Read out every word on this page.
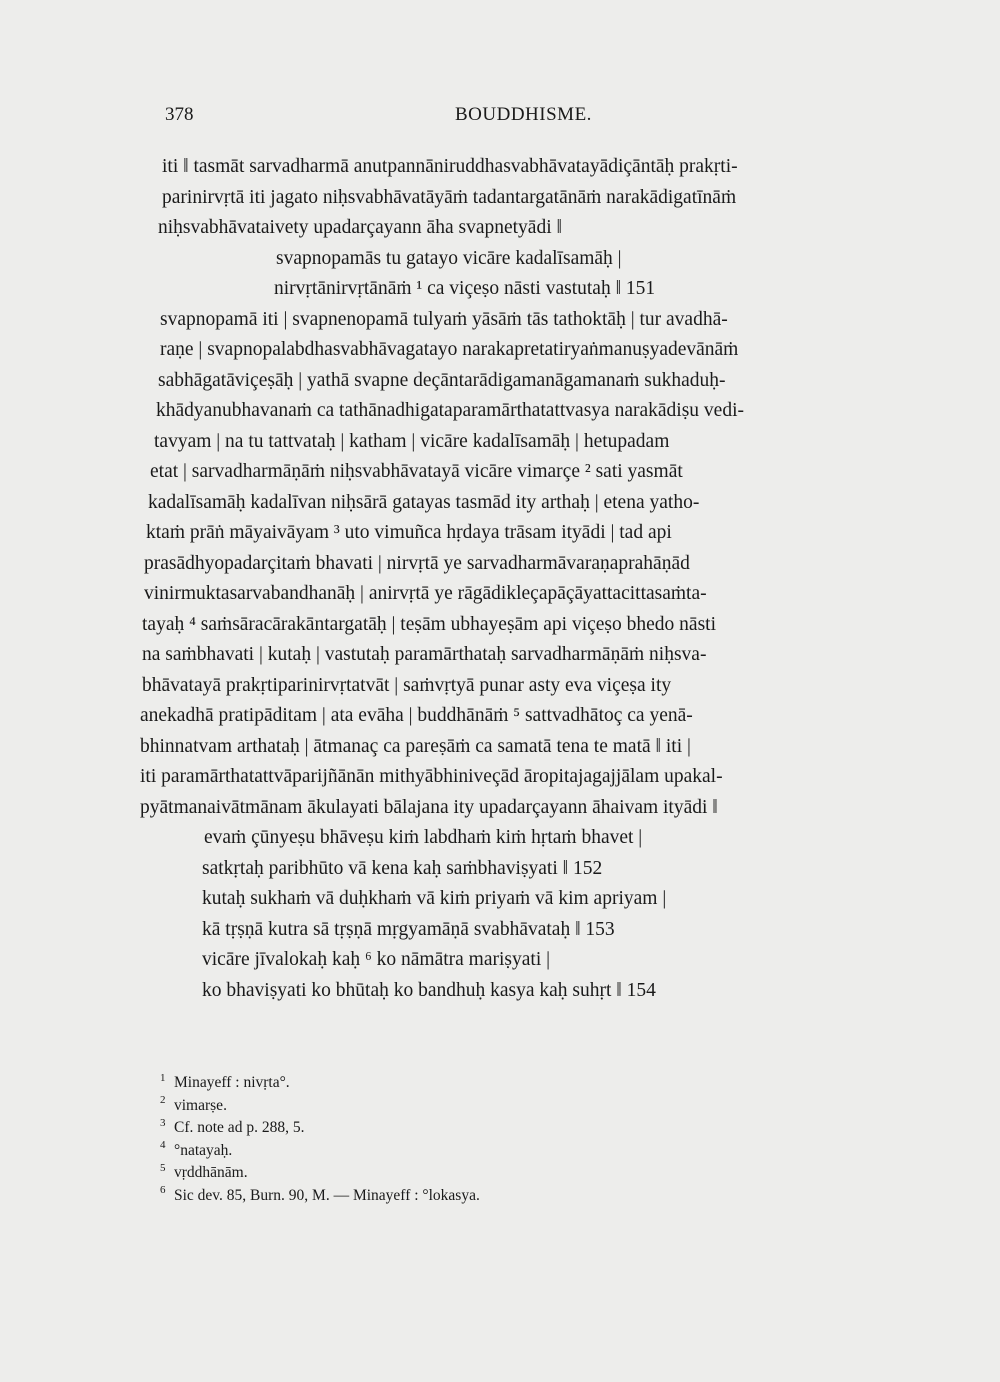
378	BOUDDHISME.
iti ‖ tasmāt sarvadharmā anutpannāniruddhasvabhāvatayādiçāntāḥ prakṛti-
parinirvṛtā iti jagato niḥsvabhāvatāyāṁ tadantargatānāṁ narakādigatīnāṁ
niḥsvabhāvataivety upadarçayann āha svapnetyādi ‖
svapnopamās tu gatayo vicāre kadalīsamāḥ |
nirvṛtānirvṛtānāṁ ¹ ca viçeṣo nāsti vastutaḥ ‖ 151
svapnopamā iti | svapnenopamā tulyaṁ yāsāṁ tās tathoktāḥ | tur avadhā-
raṇe | svapnopalabdhasvabhāvagatayo narakapretatiryaṅmanuṣyadevānāṁ
sabhāgatāviçeṣāḥ | yathā svapne deçāntarādigamanāgamanaṁ sukhaduḥ-
khādyanubhavanaṁ ca tathānadhigataparamārthatattvasya narakādiṣu vedi-
tavyam | na tu tattvataḥ | katham | vicāre kadalīsamāḥ | hetupadam
etat | sarvadharmāṇāṁ niḥsvabhāvatayā vicāre vimarçe ² sati yasmāt
kadalīsamāḥ kadalīvan niḥsārā gatayas tasmād ity arthaḥ | etena yatho-
ktaṁ prāṅ māyaivāyam ³ uto vimuñca hṛdaya trāsam ityādi | tad api
prasādhyopadarçitaṁ bhavati | nirvṛtā ye sarvadharmāvaraṇaprahāṇād
vinirmuktasarvabandhanāḥ | anirvṛtā ye rāgādikleçapāçāyattacittasaṁta-
tayaḥ ⁴ saṁsāracārakāntargatāḥ | teṣām ubhayeṣām api viçeṣo bhedo nāsti
na saṁbhavati | kutaḥ | vastutaḥ paramārthataḥ sarvadharmāṇāṁ niḥsva-
bhāvatayā prakṛtiparinirvṛtatvāt | saṁvṛtyā punar asty eva viçeṣa ity
anekadhā pratipāditam | ata evāha | buddhānāṁ ⁵ sattvadhātoç ca yenā-
bhinnatvam arthataḥ | ātmanaç ca pareṣāṁ ca samatā tena te matā ‖ iti |
iti paramārthatattvāparijñānān mithyābhiniveçād āropitajagajjālam upakal-
pyātmanaivātmānam ākulayati bālajana ity upadarçayann āhaivam ityādi ‖
evaṁ çūnyeṣu bhāveṣu kiṁ labdhaṁ kiṁ hṛtaṁ bhavet |
satkṛtaḥ paribhūto vā kena kaḥ saṁbhaviṣyati ‖ 152
kutaḥ sukhaṁ vā duḥkhaṁ vā kiṁ priyaṁ vā kim apriyam |
kā tṛṣṇā kutra sā tṛṣṇā mṛgyamāṇā svabhāvataḥ ‖ 153
vicāre jīvalokaḥ kaḥ ⁶ ko nāmātra mariṣyati |
ko bhaviṣyati ko bhūtaḥ ko bandhuḥ kasya kaḥ suhṛt ‖ 154
1 Minayeff : nivṛta°.
2 vimarṣe.
3 Cf. note ad p. 288, 5.
4 °natayaḥ.
5 vṛddhānām.
6 Sic dev. 85, Burn. 90, M. — Minayeff : °lokasya.
